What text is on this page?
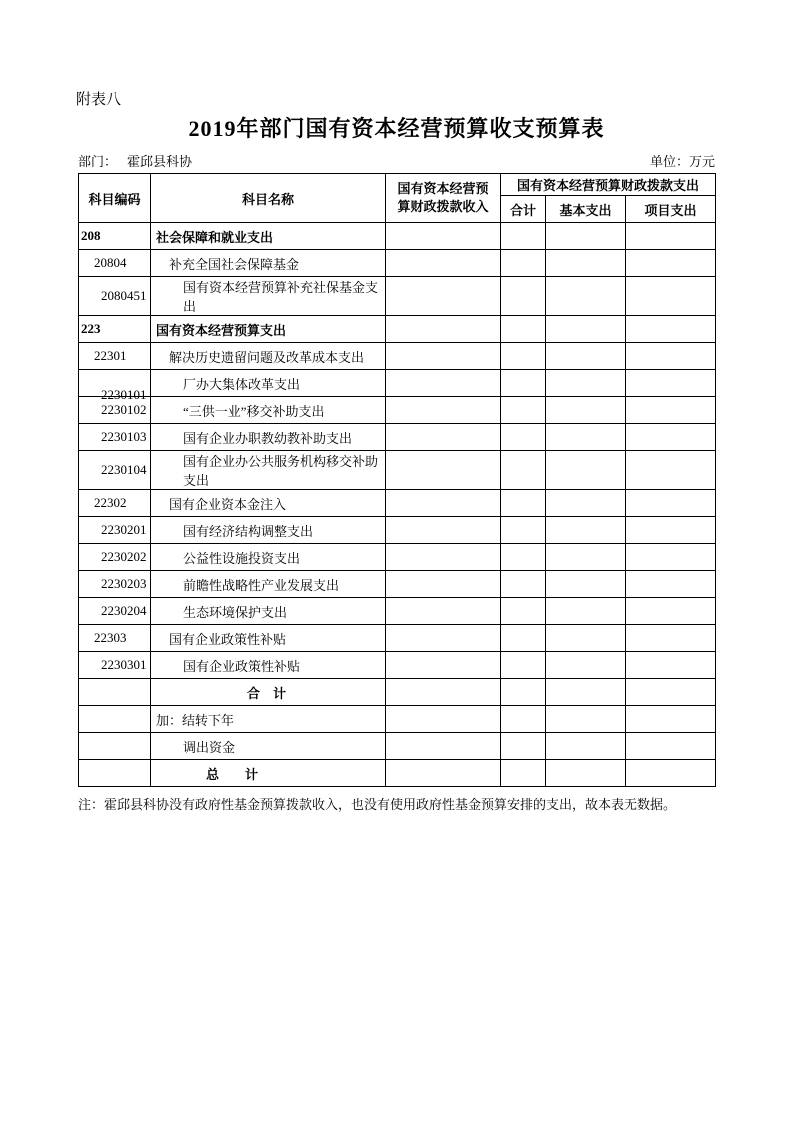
附表八
2019年部门国有资本经营预算收支预算表
部门： 霍邱县科协	单位：万元
科目编码	科目名称	国有资本经营预算财政拨款收入	国有资本经营预算财政拨款支出		
			合计	基本支出	项目支出
208	社会保障和就业支出				
20804	补充全国社会保障基金				
2080451	国有资本经营预算补充社保基金支出				
223	国有资本经营预算支出				
22301	解决历史遗留问题及改革成本支出				
2230101	厂办大集体改革支出				
2230102	“三供一业”移交补助支出				
2230103	国有企业办职教幼教补助支出				
2230104	国有企业办公共服务机构移交补助支出				
22302	国有企业资本金注入				
2230201	国有经济结构调整支出				
2230202	公益性设施投资支出				
2230203	前瞻性战略性产业发展支出				
2230204	生态环境保护支出				
22303	国有企业政策性补贴				
2230301	国有企业政策性补贴				
	合　计				
	加：结转下年				
	调出资金				
	总　　计				

注：霍邱县科协没有政府性基金预算拨款收入，也没有使用政府性基金预算安排的支出，故本表无数据。
